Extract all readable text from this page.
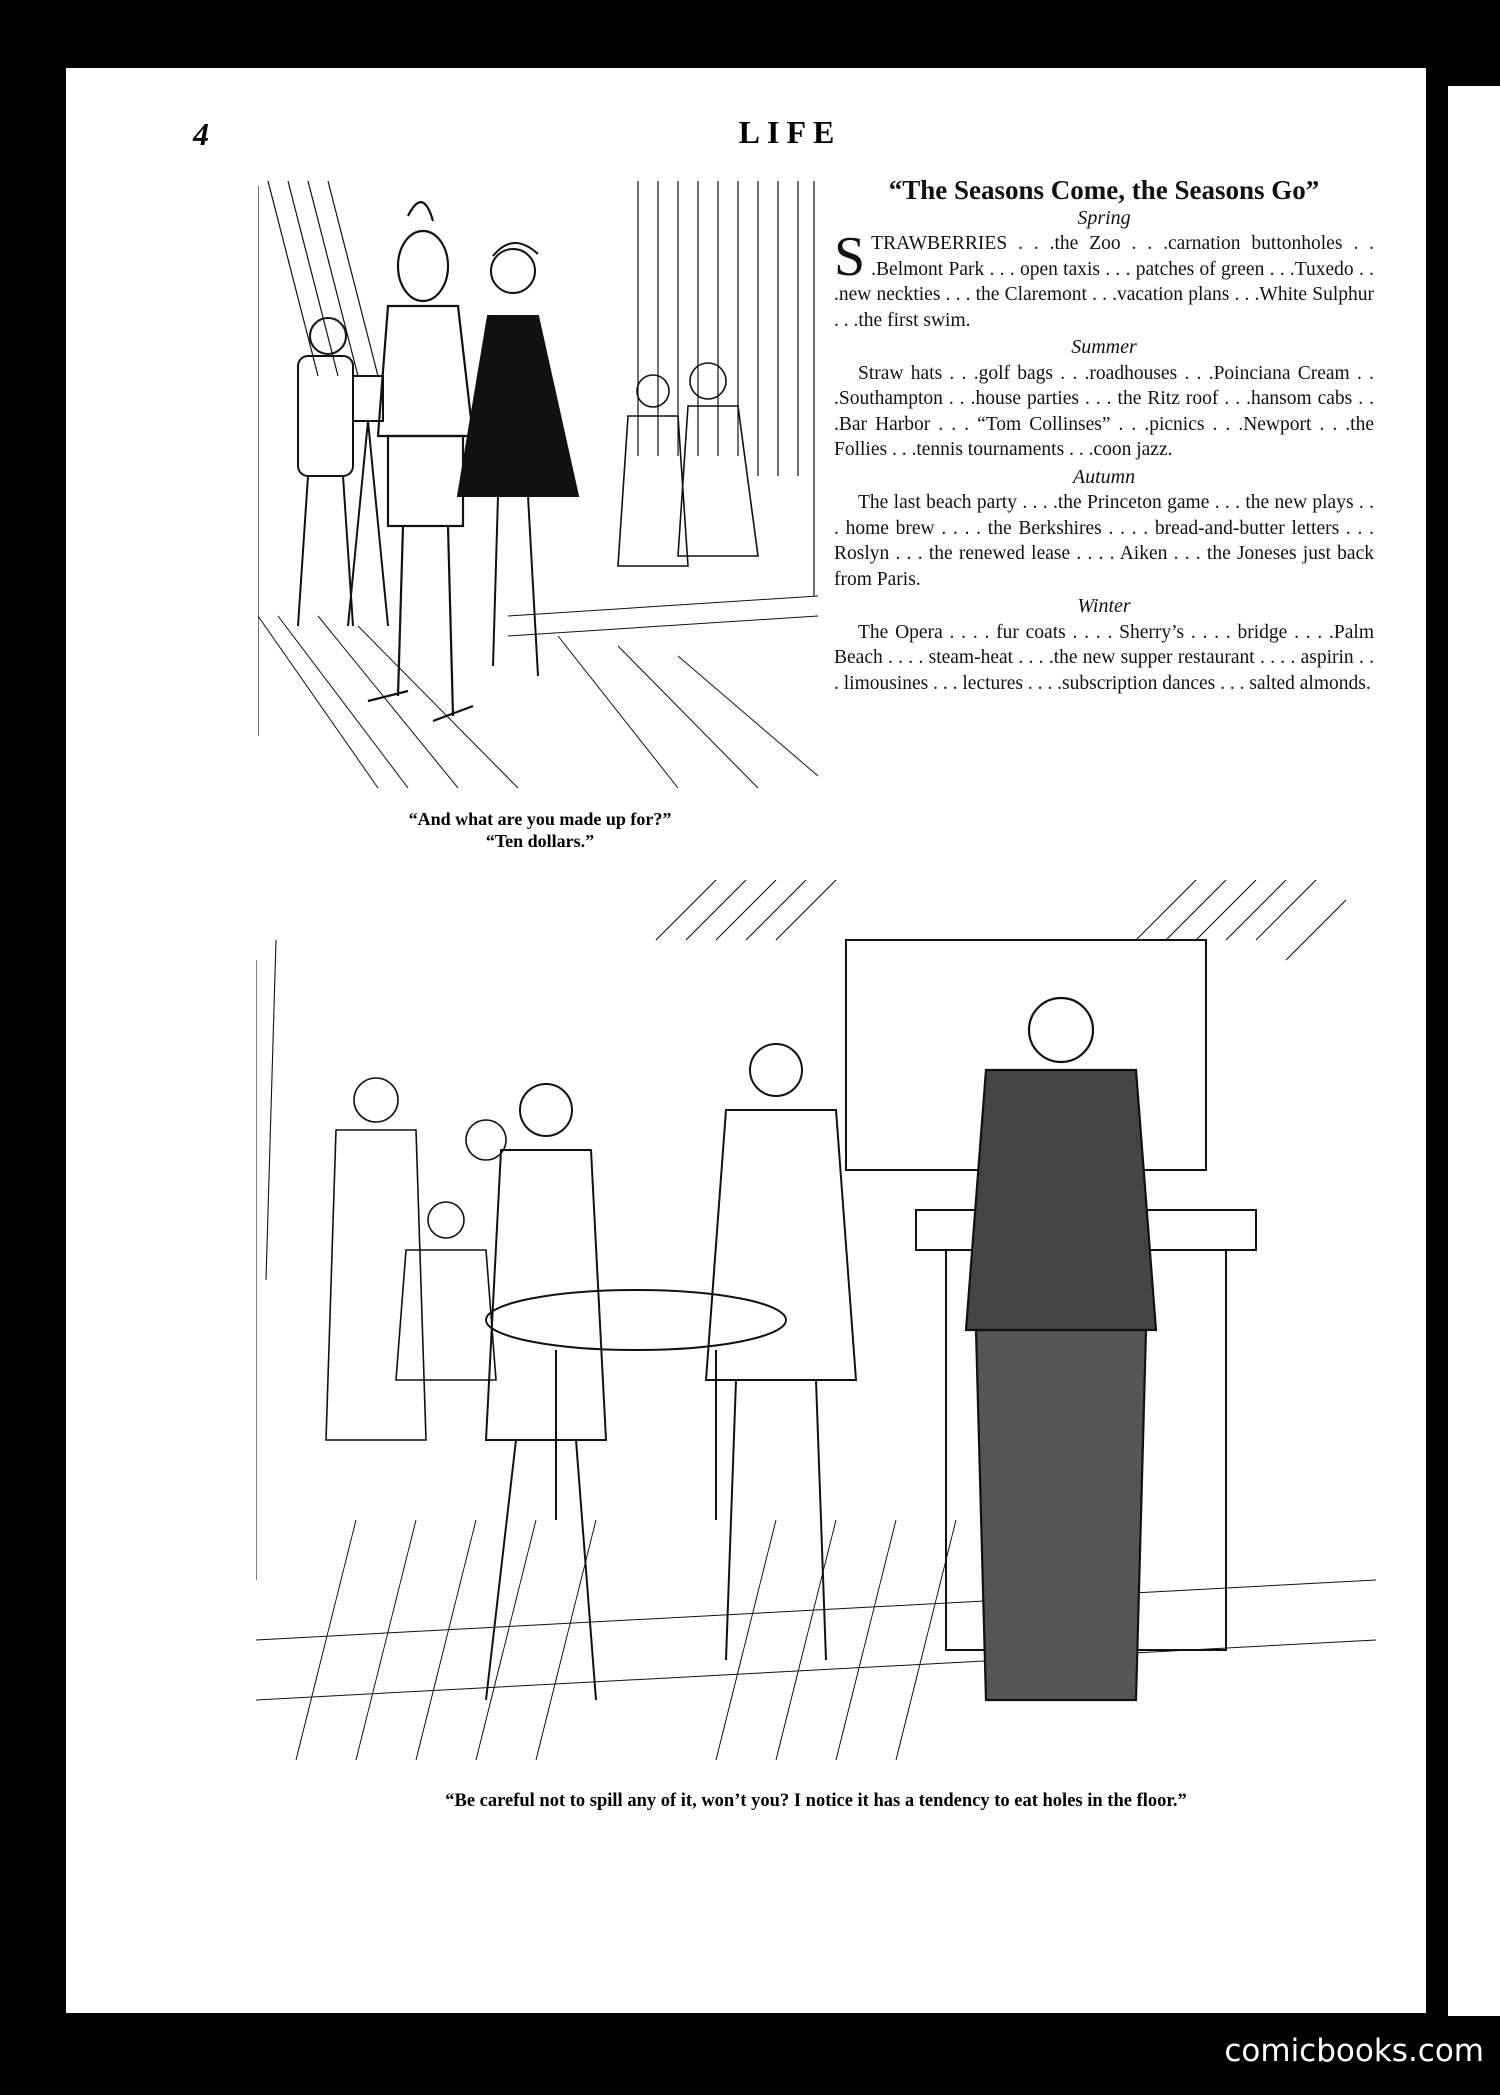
4	LIFE
“And what are you made up for?”
“Ten dollars.”
“The Seasons Come, the Seasons Go”
Spring

STRAWBERRIES . . .the Zoo . . .carnation buttonholes . . .Belmont Park . . . open taxis . . . patches of green . . .Tuxedo . . .new neckties . . . the Claremont . . .vacation plans . . .White Sulphur . . .the first swim.

Summer

Straw hats . . .golf bags . . .roadhouses . . .Poinciana Cream . . .Southampton . . .house parties . . . the Ritz roof . . .hansom cabs . . .Bar Harbor . . . “Tom Collinses” . . .picnics . . .Newport . . .the Follies . . .tennis tournaments . . .coon jazz.

Autumn

The last beach party . . . .the Princeton game . . . the new plays . . . home brew . . . . the Berkshires . . . . bread-and-butter letters . . . Roslyn . . . the renewed lease . . . . Aiken . . . the Joneses just back from Paris.

Winter

The Opera . . . . fur coats . . . . Sherry’s . . . . bridge . . . .Palm Beach . . . . steam-heat . . . .the new supper restaurant . . . . aspirin . . . limousines . . . lectures . . . .subscription dances . . . salted almonds.

“Be careful not to spill any of it, won’t you? I notice it has a tendency to eat holes in the floor.”
comicbooks.com
